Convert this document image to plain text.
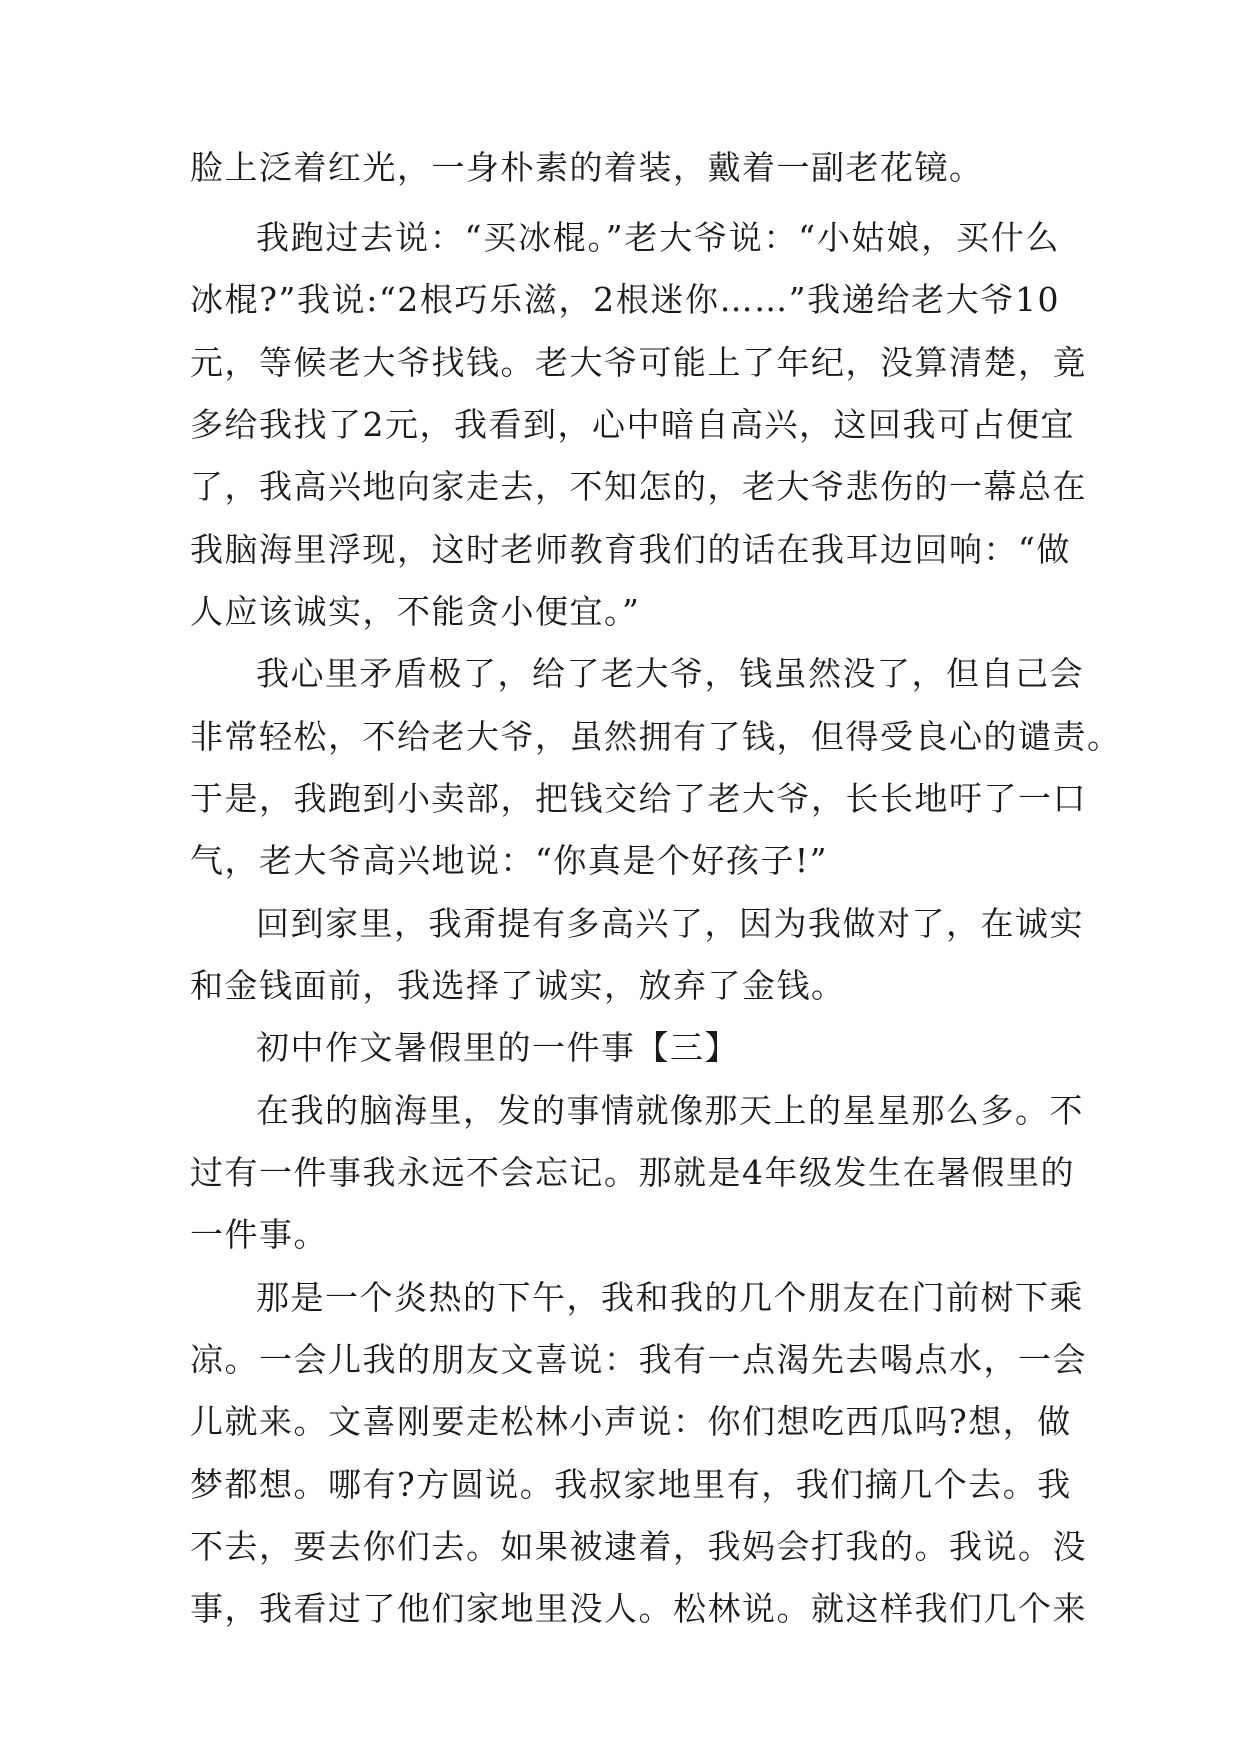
脸上泛着红光，一身朴素的着装，戴着一副老花镜。
我跑过去说：“买冰棍。”老大爷说：“小姑娘，买什么
冰棍?”我说:“2根巧乐滋，2根迷你……”我递给老大爷10
元，等候老大爷找钱。老大爷可能上了年纪，没算清楚，竟
多给我找了2元，我看到，心中暗自高兴，这回我可占便宜
了，我高兴地向家走去，不知怎的，老大爷悲伤的一幕总在
我脑海里浮现，这时老师教育我们的话在我耳边回响：“做
人应该诚实，不能贪小便宜。”
我心里矛盾极了，给了老大爷，钱虽然没了，但自己会
非常轻松，不给老大爷，虽然拥有了钱，但得受良心的谴责。
于是，我跑到小卖部，把钱交给了老大爷，长长地吁了一口
气，老大爷高兴地说：“你真是个好孩子!”
回到家里，我甭提有多高兴了，因为我做对了，在诚实
和金钱面前，我选择了诚实，放弃了金钱。
初中作文暑假里的一件事【三】
在我的脑海里，发的事情就像那天上的星星那么多。不
过有一件事我永远不会忘记。那就是4年级发生在暑假里的
一件事。
那是一个炎热的下午，我和我的几个朋友在门前树下乘
凉。一会儿我的朋友文喜说：我有一点渴先去喝点水，一会
儿就来。文喜刚要走松林小声说：你们想吃西瓜吗?想，做
梦都想。哪有?方圆说。我叔家地里有，我们摘几个去。我
不去，要去你们去。如果被逮着，我妈会打我的。我说。没
事，我看过了他们家地里没人。松林说。就这样我们几个来
